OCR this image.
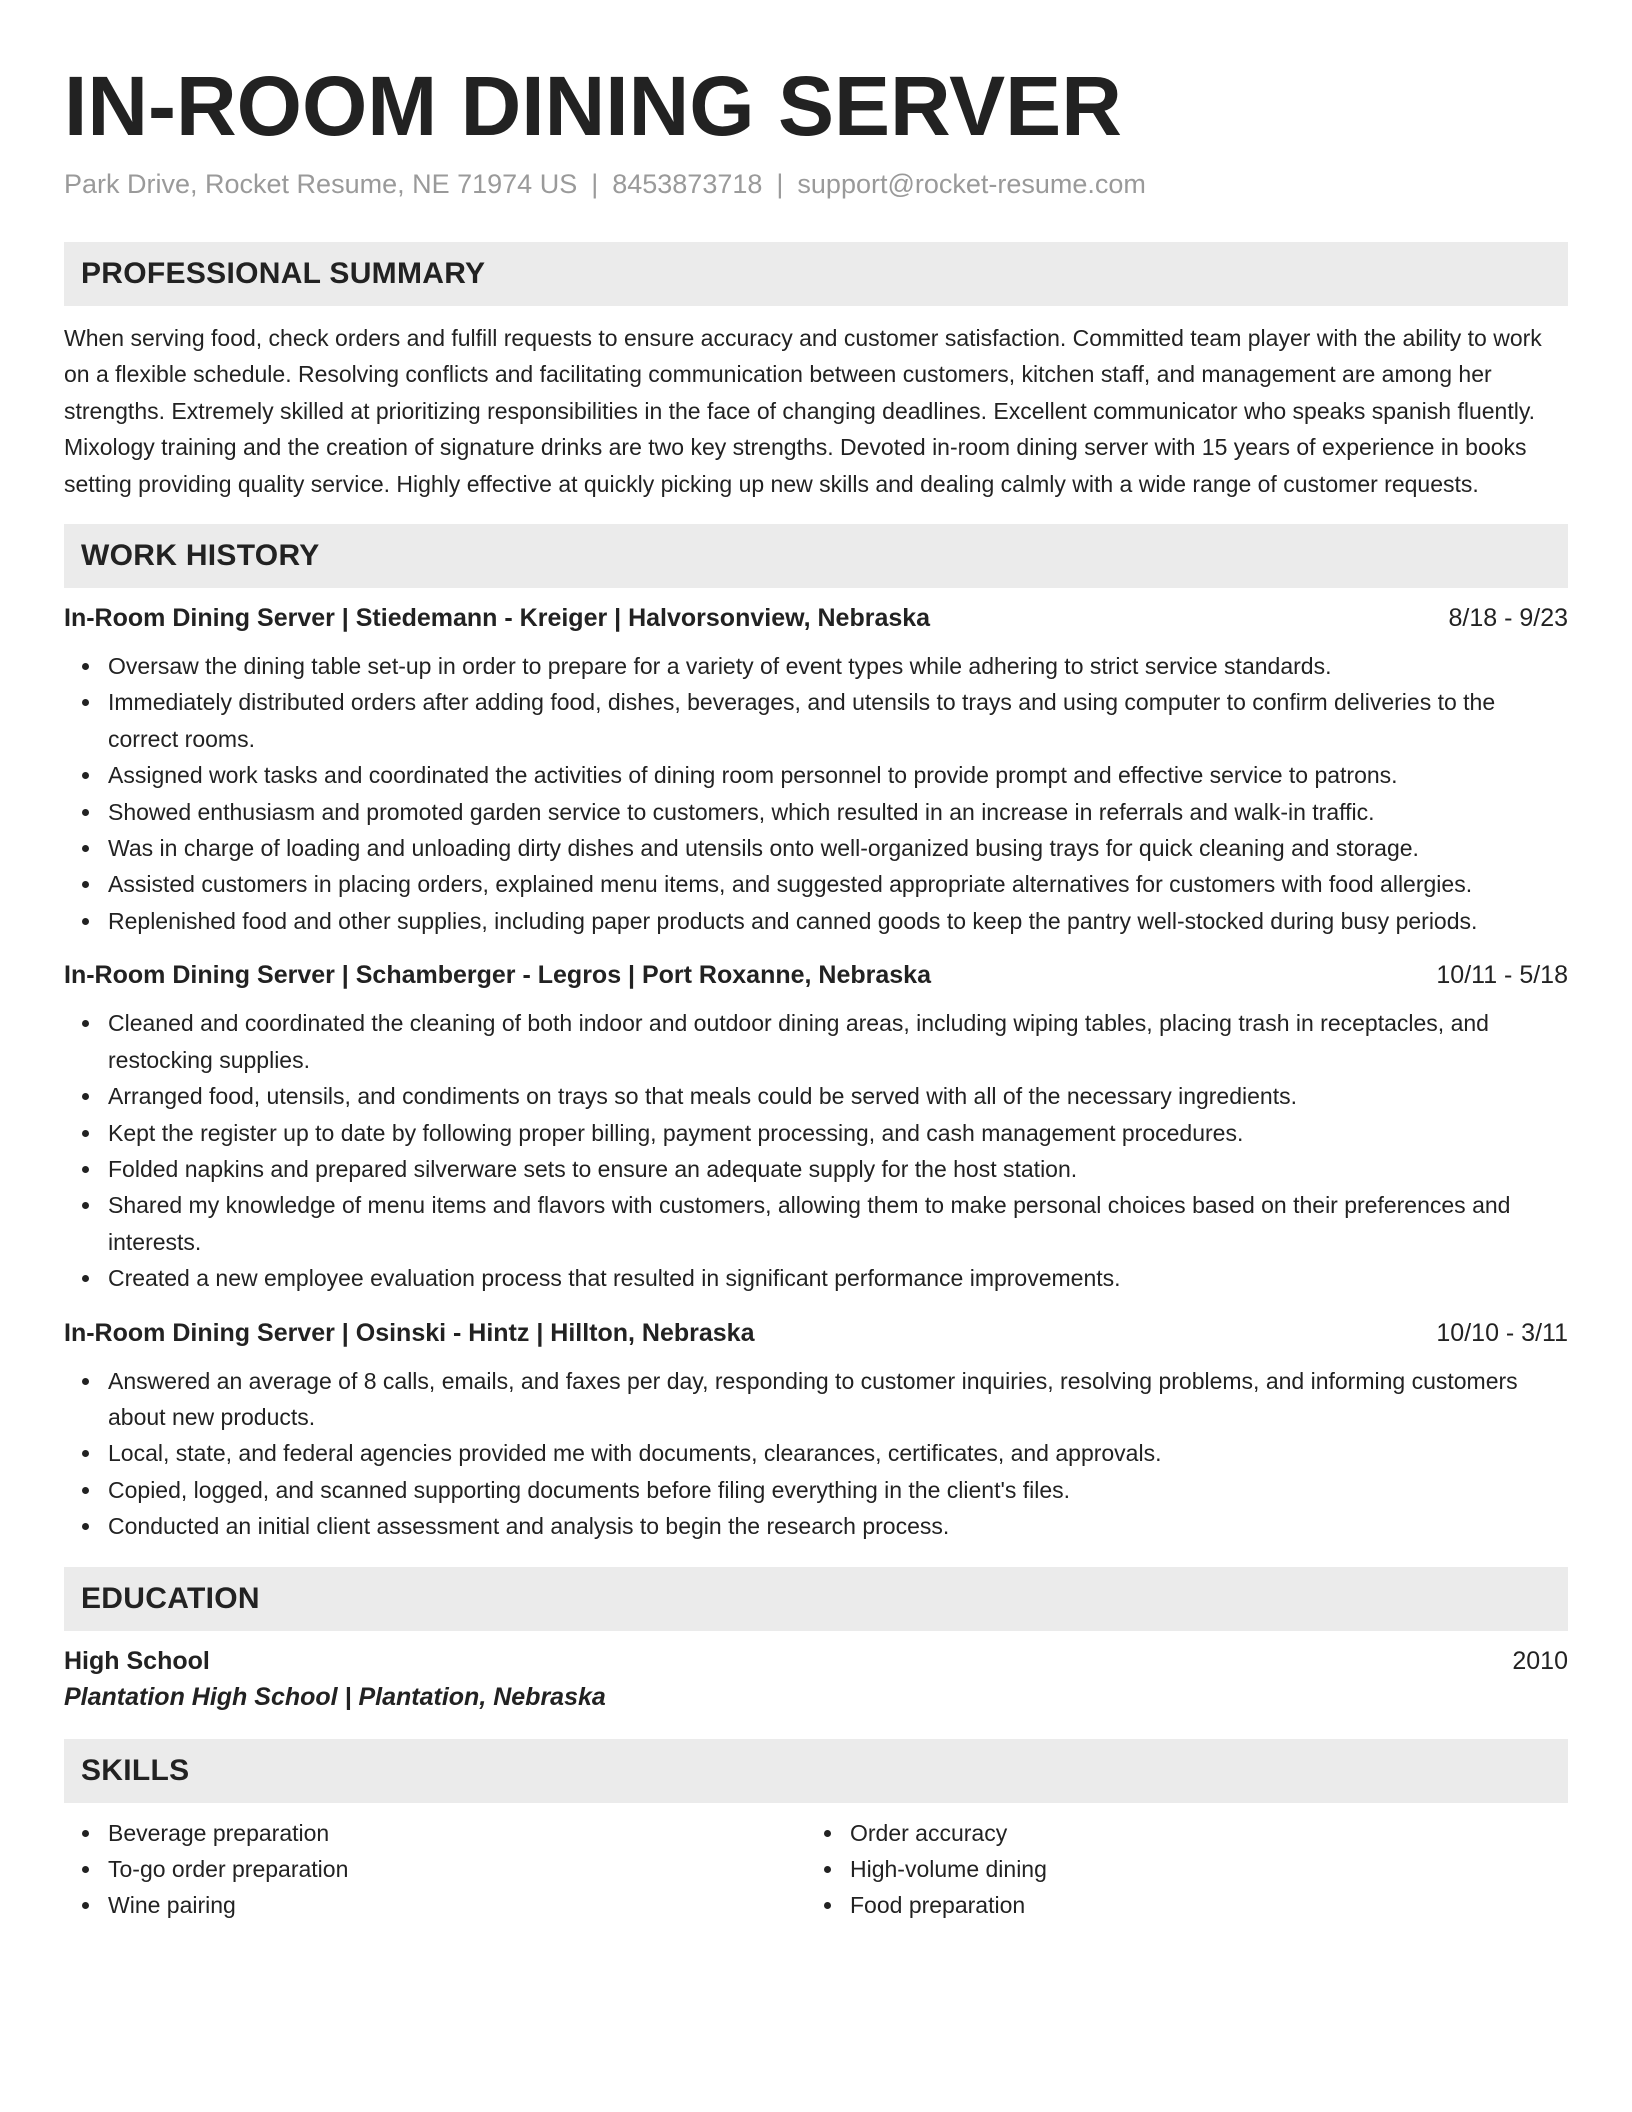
IN-ROOM DINING SERVER
Park Drive, Rocket Resume, NE 71974 US | 8453873718 | support@rocket-resume.com
PROFESSIONAL SUMMARY
When serving food, check orders and fulfill requests to ensure accuracy and customer satisfaction. Committed team player with the ability to work on a flexible schedule. Resolving conflicts and facilitating communication between customers, kitchen staff, and management are among her strengths. Extremely skilled at prioritizing responsibilities in the face of changing deadlines. Excellent communicator who speaks spanish fluently. Mixology training and the creation of signature drinks are two key strengths. Devoted in-room dining server with 15 years of experience in books setting providing quality service. Highly effective at quickly picking up new skills and dealing calmly with a wide range of customer requests.
WORK HISTORY
In-Room Dining Server | Stiedemann - Kreiger | Halvorsonview, Nebraska	8/18 - 9/23
Oversaw the dining table set-up in order to prepare for a variety of event types while adhering to strict service standards.
Immediately distributed orders after adding food, dishes, beverages, and utensils to trays and using computer to confirm deliveries to the correct rooms.
Assigned work tasks and coordinated the activities of dining room personnel to provide prompt and effective service to patrons.
Showed enthusiasm and promoted garden service to customers, which resulted in an increase in referrals and walk-in traffic.
Was in charge of loading and unloading dirty dishes and utensils onto well-organized busing trays for quick cleaning and storage.
Assisted customers in placing orders, explained menu items, and suggested appropriate alternatives for customers with food allergies.
Replenished food and other supplies, including paper products and canned goods to keep the pantry well-stocked during busy periods.
In-Room Dining Server | Schamberger - Legros | Port Roxanne, Nebraska	10/11 - 5/18
Cleaned and coordinated the cleaning of both indoor and outdoor dining areas, including wiping tables, placing trash in receptacles, and restocking supplies.
Arranged food, utensils, and condiments on trays so that meals could be served with all of the necessary ingredients.
Kept the register up to date by following proper billing, payment processing, and cash management procedures.
Folded napkins and prepared silverware sets to ensure an adequate supply for the host station.
Shared my knowledge of menu items and flavors with customers, allowing them to make personal choices based on their preferences and interests.
Created a new employee evaluation process that resulted in significant performance improvements.
In-Room Dining Server | Osinski - Hintz | Hillton, Nebraska	10/10 - 3/11
Answered an average of 8 calls, emails, and faxes per day, responding to customer inquiries, resolving problems, and informing customers about new products.
Local, state, and federal agencies provided me with documents, clearances, certificates, and approvals.
Copied, logged, and scanned supporting documents before filing everything in the client's files.
Conducted an initial client assessment and analysis to begin the research process.
EDUCATION
High School	2010
Plantation High School | Plantation, Nebraska
SKILLS
Beverage preparation
To-go order preparation
Wine pairing
Order accuracy
High-volume dining
Food preparation
